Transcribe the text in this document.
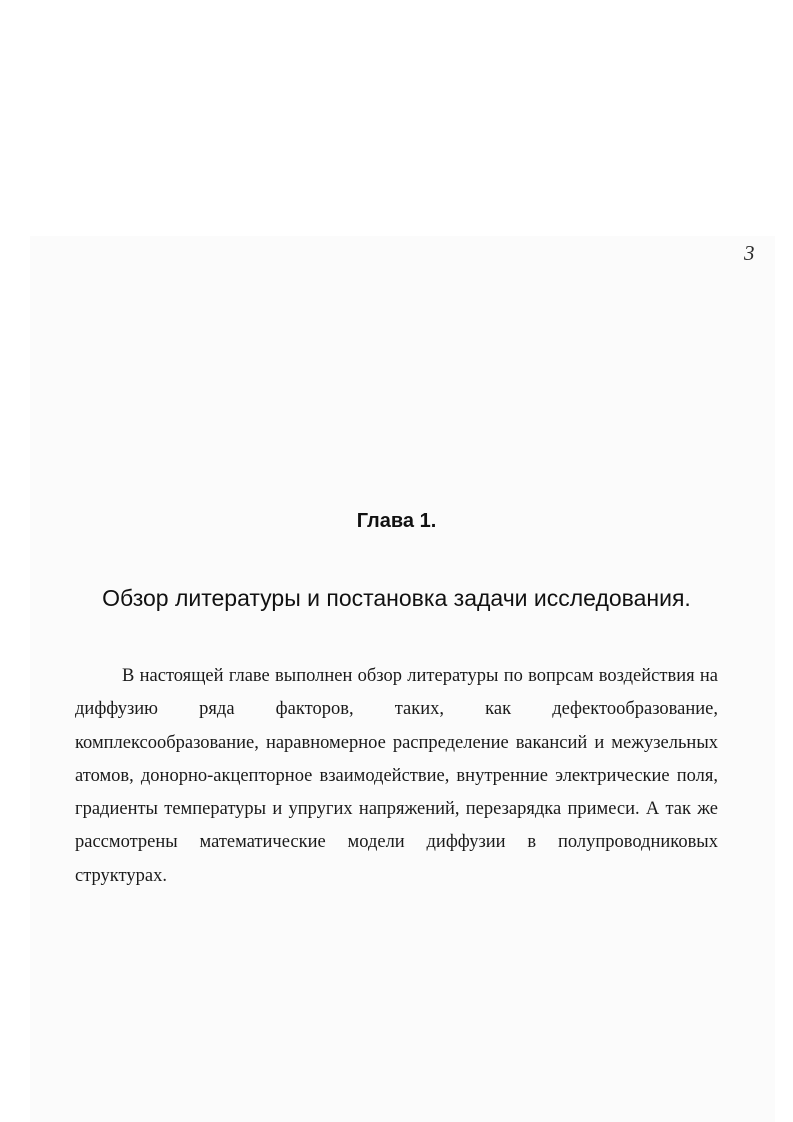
3
Глава 1.
Обзор литературы и постановка задачи исследования.

В настоящей главе выполнен обзор литературы по вопрсам воздействия на диффузию ряда факторов, таких, как дефектообразование, комплексообразование, наравномерное распределение вакансий и межузельных атомов, донорно-акцепторное взаимодействие, внутренние электрические поля, градиенты температуры и упругих напряжений, перезарядка примеси. А так же рассмотрены математические модели диффузии в полупроводниковых структурах.
